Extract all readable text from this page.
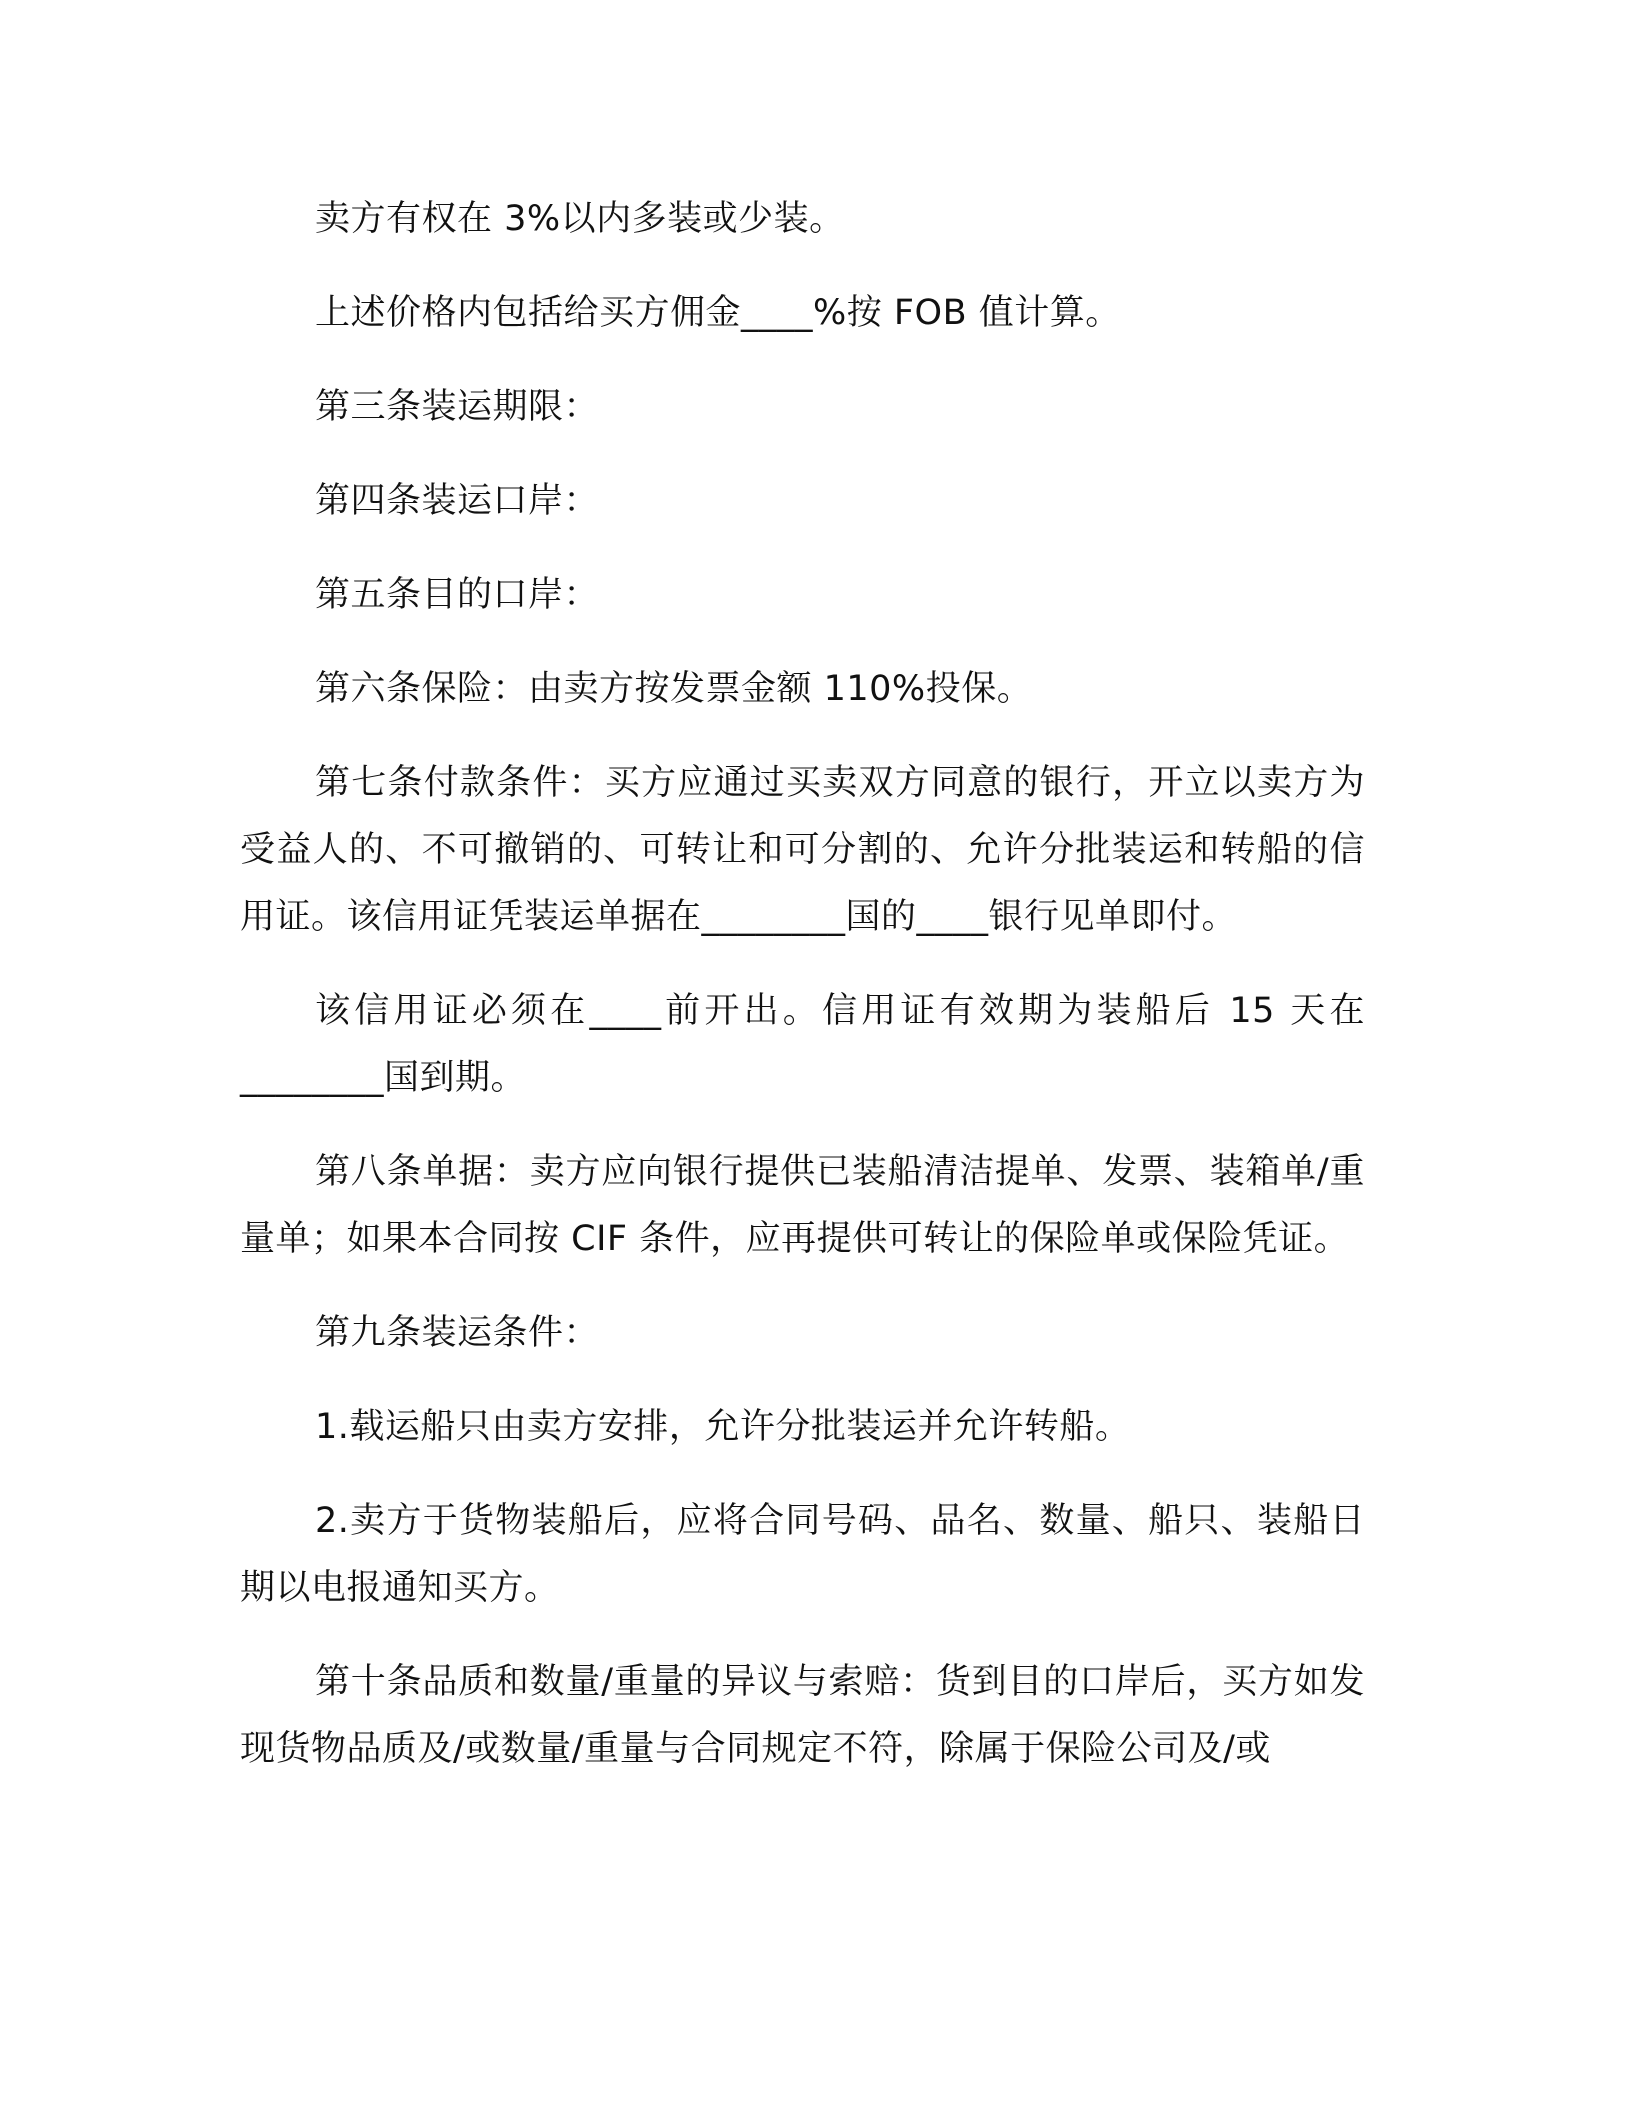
卖方有权在 3%以内多装或少装。

上述价格内包括给买方佣金____%按 FOB 值计算。

第三条装运期限：

第四条装运口岸：

第五条目的口岸：

第六条保险：由卖方按发票金额 110%投保。

第七条付款条件：买方应通过买卖双方同意的银行，开立以卖方为受益人的、不可撤销的、可转让和可分割的、允许分批装运和转船的信用证。该信用证凭装运单据在________国的____银行见单即付。

该信用证必须在____前开出。信用证有效期为装船后 15 天在________国到期。

第八条单据：卖方应向银行提供已装船清洁提单、发票、装箱单/重量单；如果本合同按 CIF 条件，应再提供可转让的保险单或保险凭证。

第九条装运条件：

1.载运船只由卖方安排，允许分批装运并允许转船。

2.卖方于货物装船后，应将合同号码、品名、数量、船只、装船日期以电报通知买方。

第十条品质和数量/重量的异议与索赔：货到目的口岸后，买方如发现货物品质及/或数量/重量与合同规定不符，除属于保险公司及/或
